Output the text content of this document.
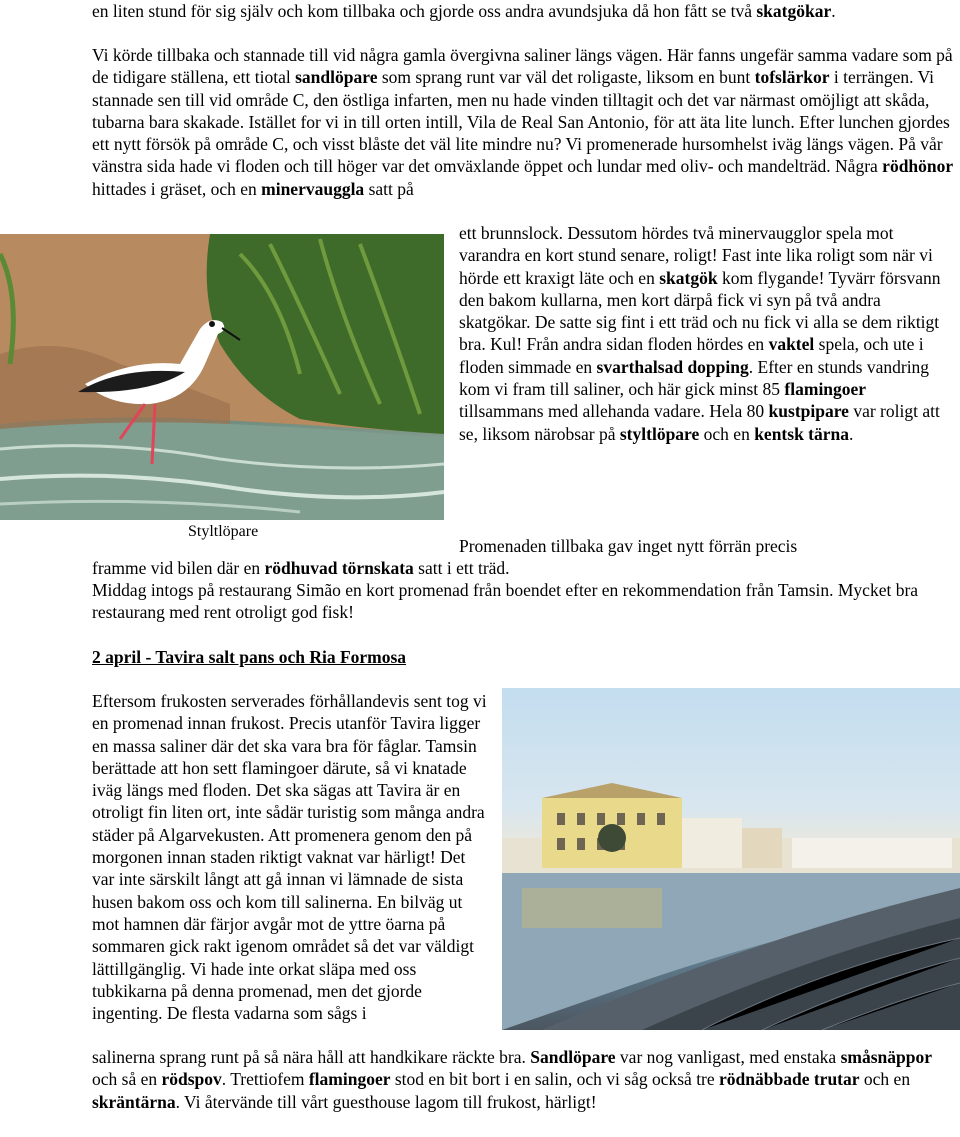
en liten stund för sig själv och kom tillbaka och gjorde oss andra avundsjuka då hon fått se två skatgökar.

Vi körde tillbaka och stannade till vid några gamla övergivna saliner längs vägen. Här fanns ungefär samma vadare som på de tidigare ställena, ett tiotal sandlöpare som sprang runt var väl det roligaste, liksom en bunt tofslärkor i terrängen. Vi stannade sen till vid område C, den östliga infarten, men nu hade vinden tilltagit och det var närmast omöjligt att skåda, tubarna bara skakade. Istället for vi in till orten intill, Vila de Real San Antonio, för att äta lite lunch. Efter lunchen gjordes ett nytt försök på område C, och visst blåste det väl lite mindre nu? Vi promenerade hursomhelst iväg längs vägen. På vår vänstra sida hade vi floden och till höger var det omväxlande öppet och lundar med oliv- och mandelträd. Några rödhönor hittades i gräset, och en minervauggla satt på

Styltlöpare

ett brunnslock. Dessutom hördes två minervaugglor spela mot varandra en kort stund senare, roligt! Fast inte lika roligt som när vi hörde ett kraxigt läte och en skatgök kom flygande! Tyvärr försvann den bakom kullarna, men kort därpå fick vi syn på två andra skatgökar. De satte sig fint i ett träd och nu fick vi alla se dem riktigt bra. Kul! Från andra sidan floden hördes en vaktel spela, och ute i floden simmade en svarthalsad dopping. Efter en stunds vandring kom vi fram till saliner, och här gick minst 85 flamingoer tillsammans med allehanda vadare. Hela 80 kustpipare var roligt att se, liksom närobsar på styltlöpare och en kentsk tärna.

Promenaden tillbaka gav inget nytt förrän precis

framme vid bilen där en rödhuvad törnskata satt i ett träd.

Middag intogs på restaurang Simão en kort promenad från boendet efter en rekommendation från Tamsin. Mycket bra restaurang med rent otroligt god fisk!

2 april - Tavira salt pans och Ria Formosa

Eftersom frukosten serverades förhållandevis sent tog vi en promenad innan frukost. Precis utanför Tavira ligger en massa saliner där det ska vara bra för fåglar. Tamsin berättade att hon sett flamingoer därute, så vi knatade iväg längs med floden. Det ska sägas att Tavira är en otroligt fin liten ort, inte sådär turistig som många andra städer på Algarvekusten. Att promenera genom den på morgonen innan staden riktigt vaknat var härligt! Det var inte särskilt långt att gå innan vi lämnade de sista husen bakom oss och kom till salinerna. En bilväg ut mot hamnen där färjor avgår mot de yttre öarna på sommaren gick rakt igenom området så det var väldigt lättillgänglig. Vi hade inte orkat släpa med oss tubkikarna på denna promenad, men det gjorde ingenting. De flesta vadarna som sågs i

salinerna sprang runt på så nära håll att handkikare räckte bra. Sandlöpare var nog vanligast, med enstaka småsnäppor och så en rödspov. Trettiofem flamingoer stod en bit bort i en salin, och vi såg också tre rödnäbbade trutar och en skräntärna. Vi återvände till vårt guesthouse lagom till frukost, härligt!
